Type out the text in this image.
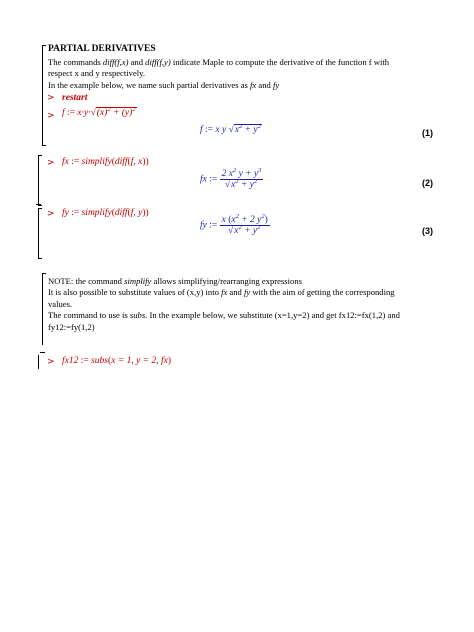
PARTIAL DERIVATIVES
The commands diff(f,x) and diff(f,y) indicate Maple to compute the derivative of the function f with
respect x and y respectively.
In the example below, we name such partial derivatives as fx and fy
> restart
> f := $x\cdot y\cdot√(x)^2 + (y)^2$
f := x y $√x^2 + y^2$
(1)
> fx := simplify(diff(f, x))
fx := $\frac{2 x^2 y + y^3}{√x^2 + y^2}$	(2)
> fy := simplify(diff(f, y))
fy := $\frac{x (x^2 + 2 y^2)}{√x^2 + y^2}$	(3)
NOTE: the command simplify allows simplifying/rearranging expressions
It is also possible to substitute values of (x,y) into fx and fy with the aim of getting the corresponding
values.
The command to use is subs. In the example below, we substitute (x=1,y=2) and get fx12:=fx(1,2) and
fy12:=fy(1,2)
> fx12 := subs(x = 1, y = 2, fx)
